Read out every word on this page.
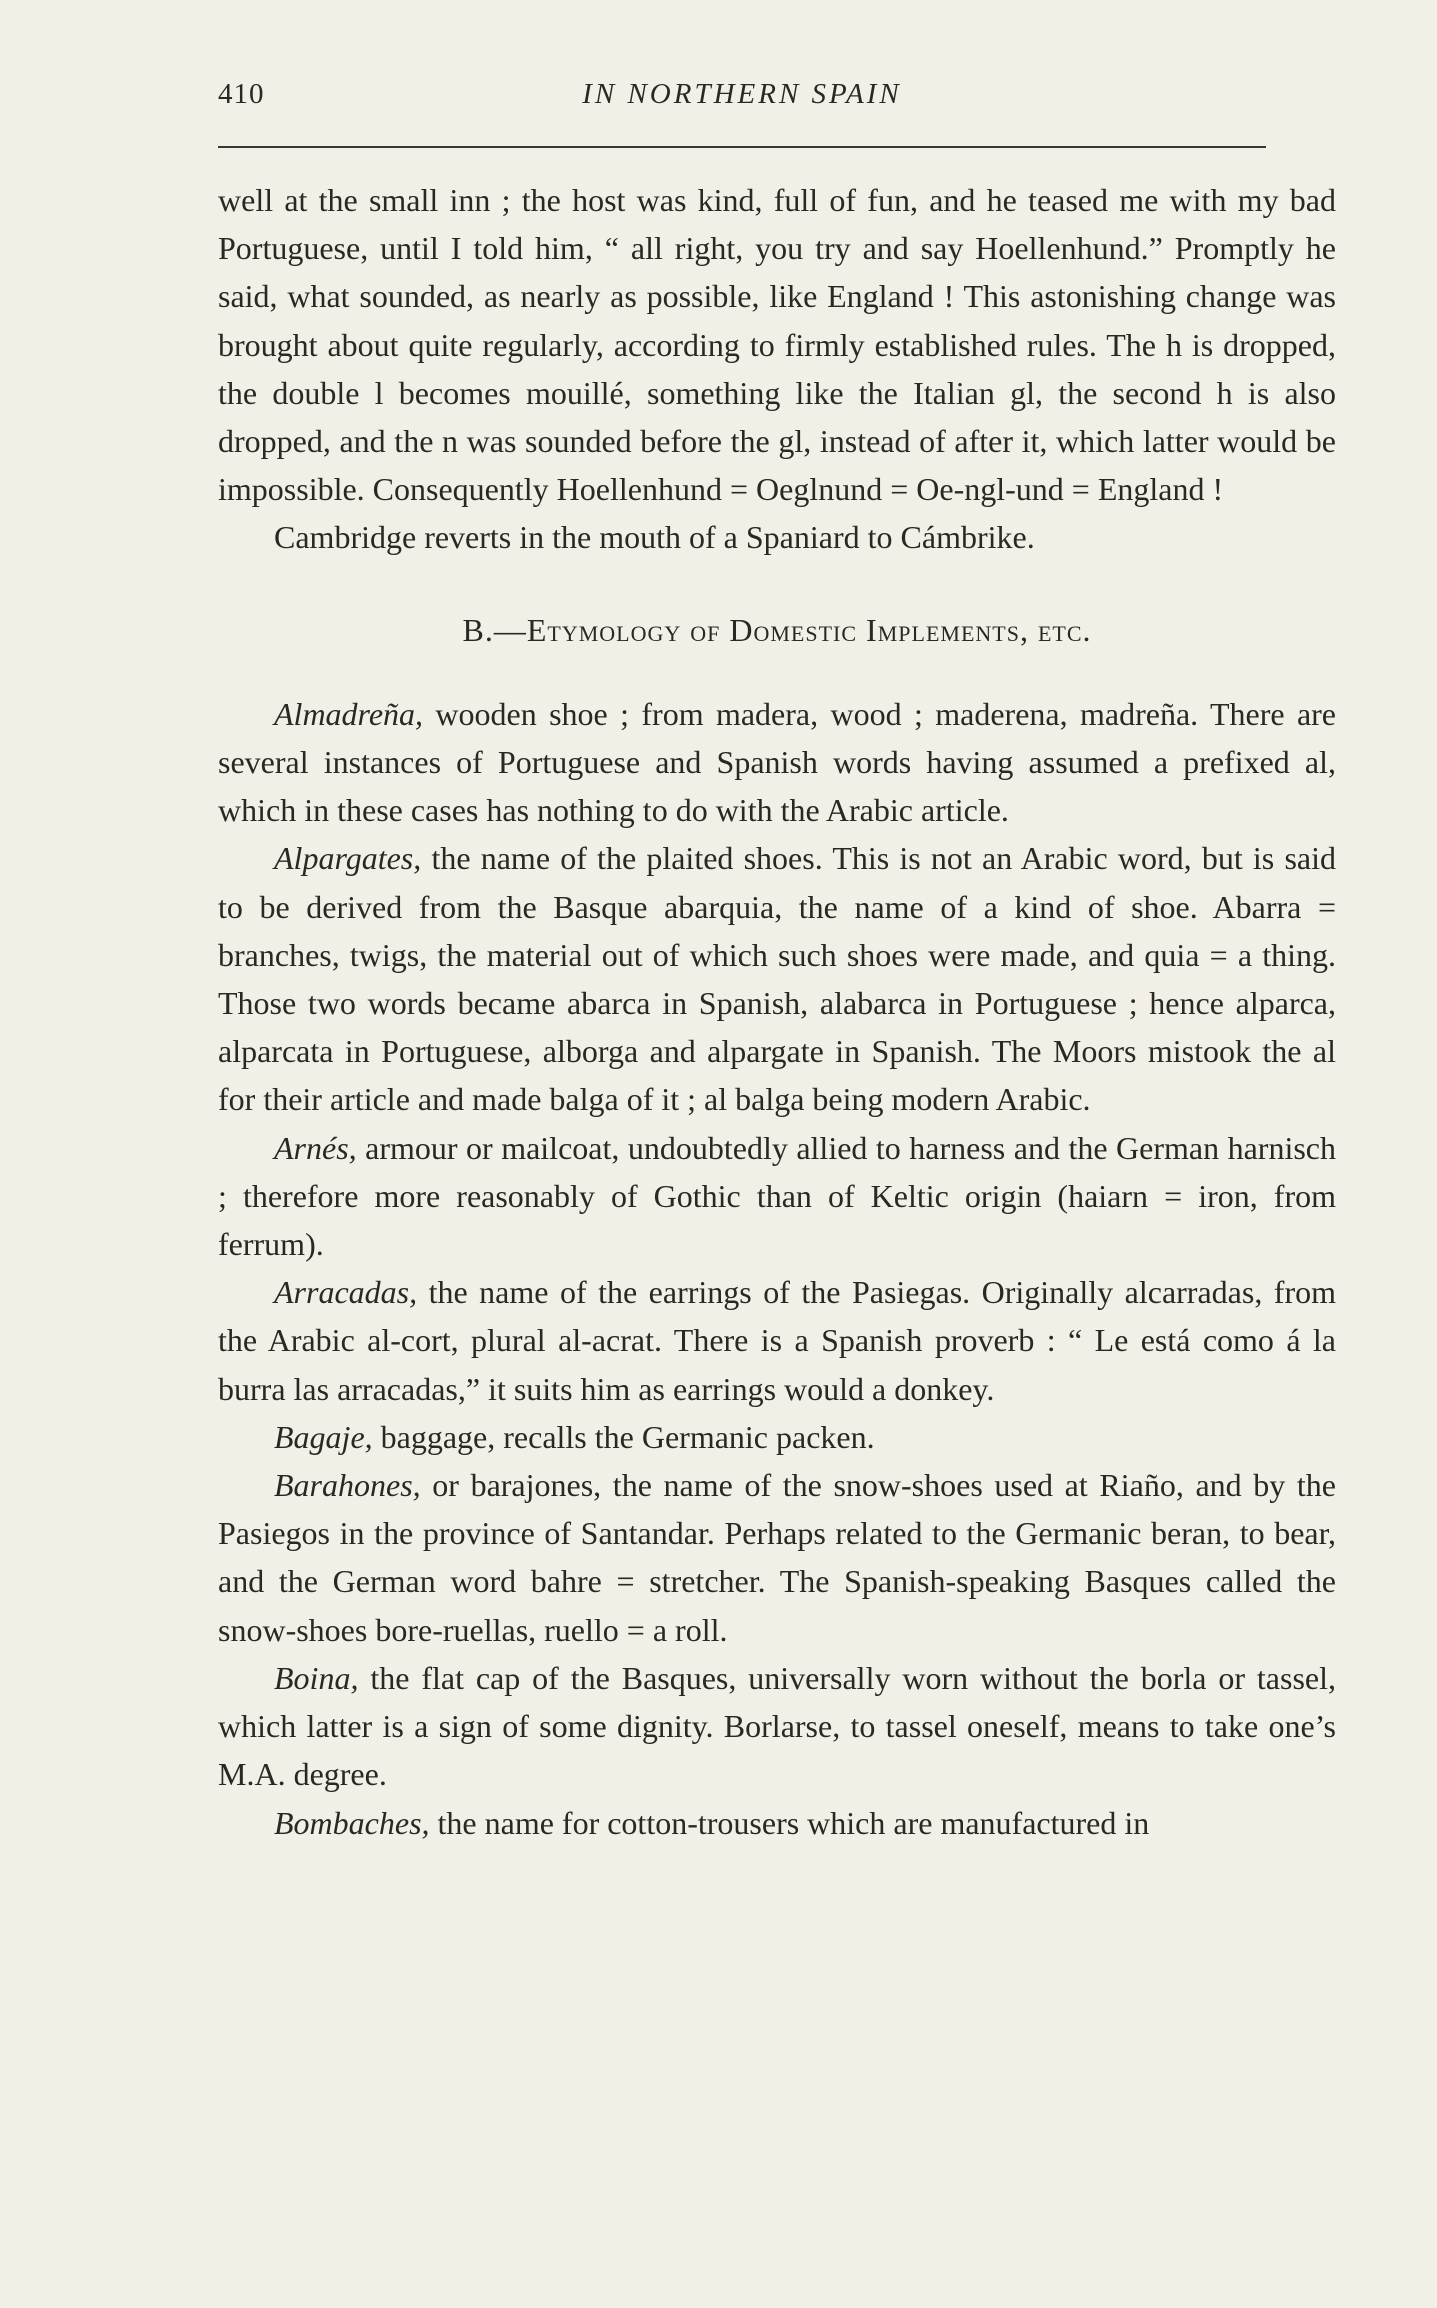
410	IN NORTHERN SPAIN

well at the small inn ; the host was kind, full of fun, and he teased me with my bad Portuguese, until I told him, “ all right, you try and say Hoellenhund.” Promptly he said, what sounded, as nearly as possible, like England ! This astonishing change was brought about quite regularly, according to firmly established rules. The h is dropped, the double l becomes mouillé, something like the Italian gl, the second h is also dropped, and the n was sounded before the gl, instead of after it, which latter would be impossible. Consequently Hoellenhund = Oeglnund = Oe-ngl-und = England !

Cambridge reverts in the mouth of a Spaniard to Cámbrike.

B.—Etymology of Domestic Implements, etc.

Almadreña, wooden shoe ; from madera, wood ; maderena, madreña. There are several instances of Portuguese and Spanish words having assumed a prefixed al, which in these cases has nothing to do with the Arabic article.

Alpargates, the name of the plaited shoes. This is not an Arabic word, but is said to be derived from the Basque abarquia, the name of a kind of shoe. Abarra = branches, twigs, the material out of which such shoes were made, and quia = a thing. Those two words became abarca in Spanish, alabarca in Portuguese ; hence alparca, alparcata in Portuguese, alborga and alpargate in Spanish. The Moors mistook the al for their article and made balga of it ; al balga being modern Arabic.

Arnés, armour or mailcoat, undoubtedly allied to harness and the German harnisch ; therefore more reasonably of Gothic than of Keltic origin (haiarn = iron, from ferrum).

Arracadas, the name of the earrings of the Pasiegas. Originally alcarradas, from the Arabic al-cort, plural al-acrat. There is a Spanish proverb : “ Le está como á la burra las arracadas,” it suits him as earrings would a donkey.

Bagaje, baggage, recalls the Germanic packen.

Barahones, or barajones, the name of the snow-shoes used at Riaño, and by the Pasiegos in the province of Santandar. Perhaps related to the Germanic beran, to bear, and the German word bahre = stretcher. The Spanish-speaking Basques called the snow-shoes bore-ruellas, ruello = a roll.

Boina, the flat cap of the Basques, universally worn without the borla or tassel, which latter is a sign of some dignity. Borlarse, to tassel oneself, means to take one’s M.A. degree.

Bombaches, the name for cotton-trousers which are manufactured in
